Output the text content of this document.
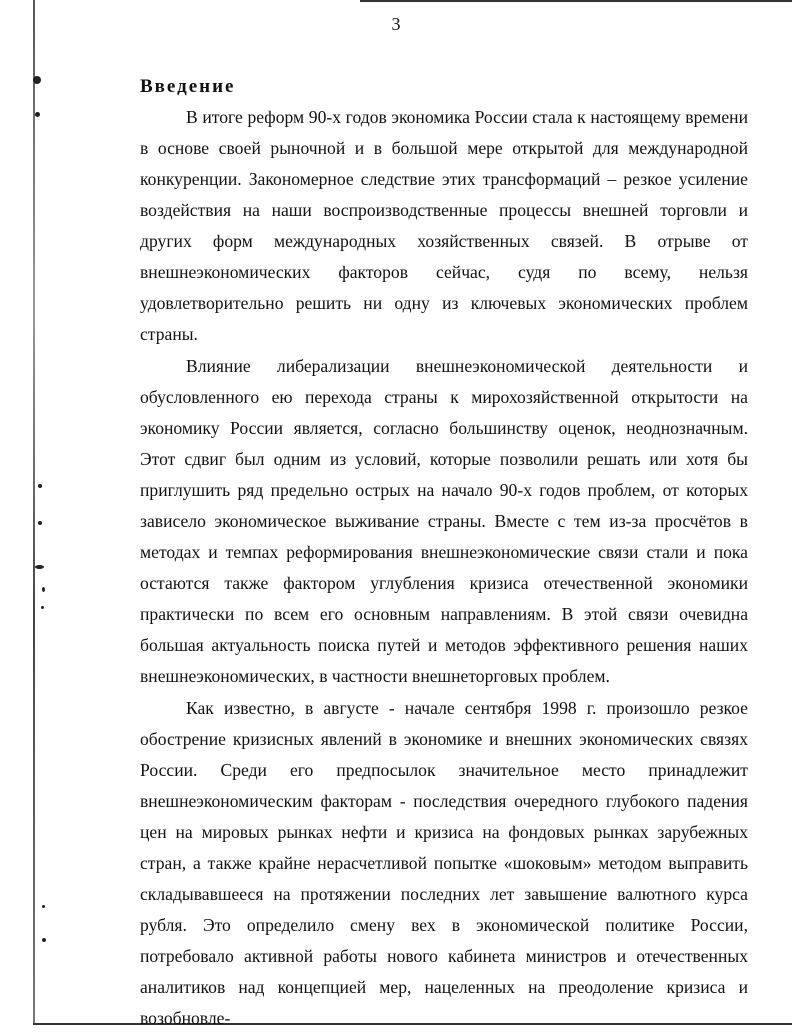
3
Введение

В итоге реформ 90-х годов экономика России стала к настоящему времени в основе своей рыночной и в большой мере открытой для международной конкуренции. Закономерное следствие этих трансформаций – резкое усиление воздействия на наши воспроизводственные процессы внешней торговли и других форм международных хозяйственных связей. В отрыве от внешнеэкономических факторов сейчас, судя по всему, нельзя удовлетворительно решить ни одну из ключевых экономических проблем страны.

Влияние либерализации внешнеэкономической деятельности и обусловленного ею перехода страны к мирохозяйственной открытости на экономику России является, согласно большинству оценок, неоднозначным. Этот сдвиг был одним из условий, которые позволили решать или хотя бы приглушить ряд предельно острых на начало 90-х годов проблем, от которых зависело экономическое выживание страны. Вместе с тем из-за просчётов в методах и темпах реформирования внешнеэкономические связи стали и пока остаются также фактором углубления кризиса отечественной экономики практически по всем его основным направлениям. В этой связи очевидна большая актуальность поиска путей и методов эффективного решения наших внешнеэкономических, в частности внешнеторговых проблем.

Как известно, в августе - начале сентября 1998 г. произошло резкое обострение кризисных явлений в экономике и внешних экономических связях России. Среди его предпосылок значительное место принадлежит внешнеэкономическим факторам - последствия очередного глубокого падения цен на мировых рынках нефти и кризиса на фондовых рынках зарубежных стран, а также крайне нерасчетливой попытке «шоковым» методом выправить складывавшееся на протяжении последних лет завышение валютного курса рубля. Это определило смену вех в экономической политике России, потребовало активной работы нового кабинета министров и отечественных аналитиков над концепцией мер, нацеленных на преодоление кризиса и возобновле-
